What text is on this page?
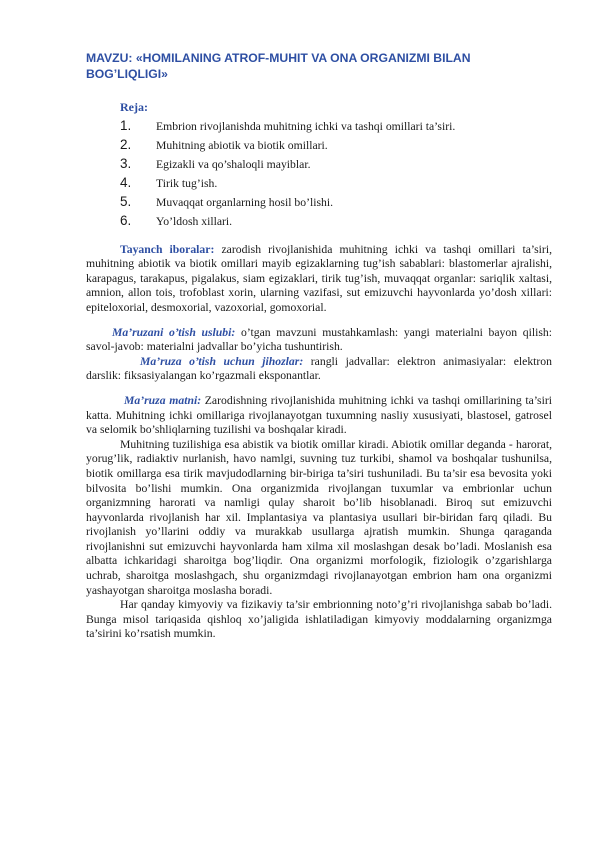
MAVZU: «HOMILANING ATROF-MUHIT VA ONA ORGANIZMI BILAN BOG’LIQLIGI»
Reja:
1.	Embrion rivojlanishda muhitning ichki va tashqi omillari ta’siri.
2.	Muhitning abiotik va biotik omillari.
3.	Egizakli va qo’shaloqli mayiblar.
4.	Tirik tug’ish.
5.	Muvaqqat organlarning hosil bo’lishi.
6.	Yo’ldosh xillari.

Tayanch iboralar: zarodish rivojlanishida muhitning ichki va tashqi omillari ta’siri, muhitning abiotik va biotik omillari mayib egizaklarning tug’ish sabablari: blastomerlar ajralishi, karapagus, tarakapus, pigalakus, siam egizaklari, tirik tug’ish, muvaqqat organlar: sariqlik xaltasi, amnion, allon tois, trofoblast xorin, ularning vazifasi, sut emizuvchi hayvonlarda yo’dosh xillari: epiteloxorial, desmoxorial, vazoxorial, gomoxorial.

Ma’ruzani o’tish uslubi: o’tgan mavzuni mustahkamlash: yangi materialni bayon qilish: savol-javob: materialni jadvallar bo’yicha tushuntirish.

Ma’ruza o’tish uchun jihozlar: rangli jadvallar: elektron animasiyalar: elektron darslik: fiksasiyalangan ko’rgazmali eksponantlar.

Ma’ruza matni: Zarodishning rivojlanishida muhitning ichki va tashqi omillarining ta’siri katta. Muhitning ichki omillariga rivojlanayotgan tuxumning nasliy xususiyati, blastosel, gatrosel va selomik bo’shliqlarning tuzilishi va boshqalar kiradi.

Muhitning tuzilishiga esa abistik va biotik omillar kiradi. Abiotik omillar deganda - harorat, yorug’lik, radiaktiv nurlanish, havo namlgi, suvning tuz turkibi, shamol va boshqalar tushunilsa, biotik omillarga esa tirik mavjudodlarning bir-biriga ta’siri tushuniladi. Bu ta’sir esa bevosita yoki bilvosita bo’lishi mumkin. Ona organizmida rivojlangan tuxumlar va embrionlar uchun organizmning harorati va namligi qulay sharoit bo’lib hisoblanadi. Biroq sut emizuvchi hayvonlarda rivojlanish har xil. Implantasiya va plantasiya usullari bir-biridan farq qiladi. Bu rivojlanish yo’llarini oddiy va murakkab usullarga ajratish mumkin. Shunga qaraganda rivojlanishni sut emizuvchi hayvonlarda ham xilma xil moslashgan desak bo’ladi. Moslanish esa albatta ichkaridagi sharoitga bog’liqdir. Ona organizmi morfologik, fiziologik o’zgarishlarga uchrab, sharoitga moslashgach, shu organizmdagi rivojlanayotgan embrion ham ona organizmi yashayotgan sharoitga moslasha boradi.

Har qanday kimyoviy va fizikaviy ta’sir embrionning noto’g’ri rivojlanishga sabab bo’ladi. Bunga misol tariqasida qishloq xo’jaligida ishlatiladigan kimyoviy moddalarning organizmga ta’sirini ko’rsatish mumkin.
